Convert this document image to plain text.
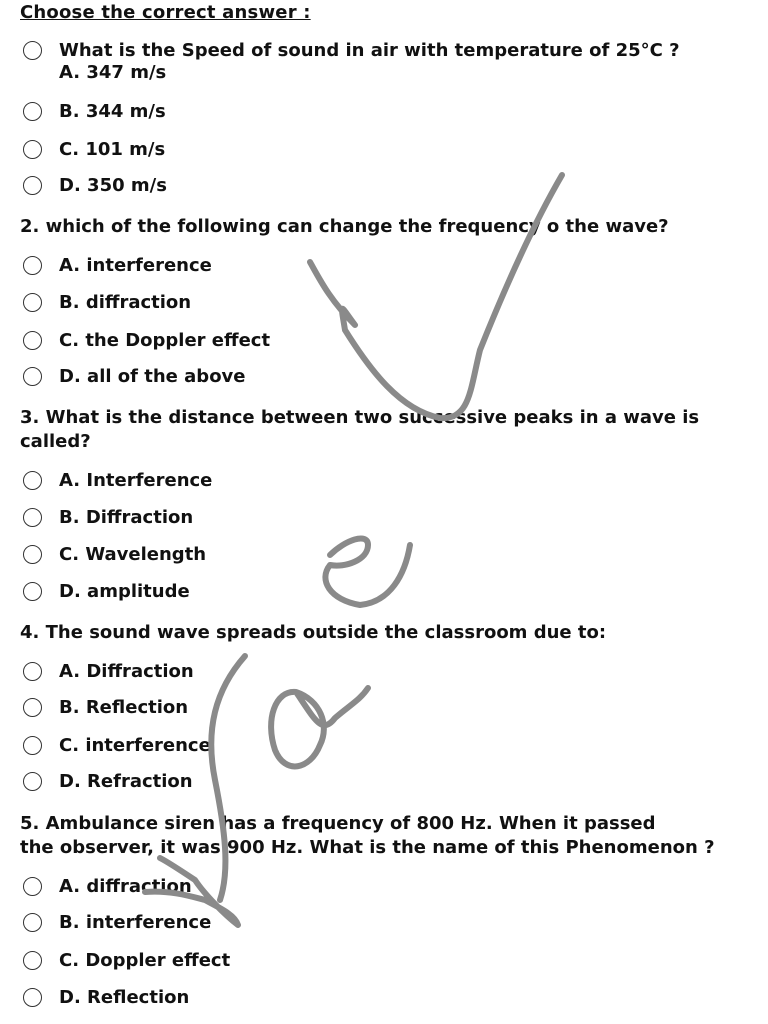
Choose the correct answer :
What is the Speed of sound in air with temperature of 25°C ?
A. 347 m/s
B. 344 m/s
C. 101 m/s
D. 350 m/s
2. which of the following can change the frequency o the wave?
A. interference
B. diffraction
C. the Doppler effect
D. all of the above
3. What is the distance between two successive peaks in a wave is
called?
A. Interference
B. Diffraction
C. Wavelength
D. amplitude
4. The sound wave spreads outside the classroom due to:
A. Diffraction
B. Reflection
C. interference
D. Refraction
5. Ambulance siren has a frequency of 800 Hz. When it passed
the observer, it was 900 Hz. What is the name of this Phenomenon ?
A. diffraction
B. interference
C. Doppler effect
D. Reflection
